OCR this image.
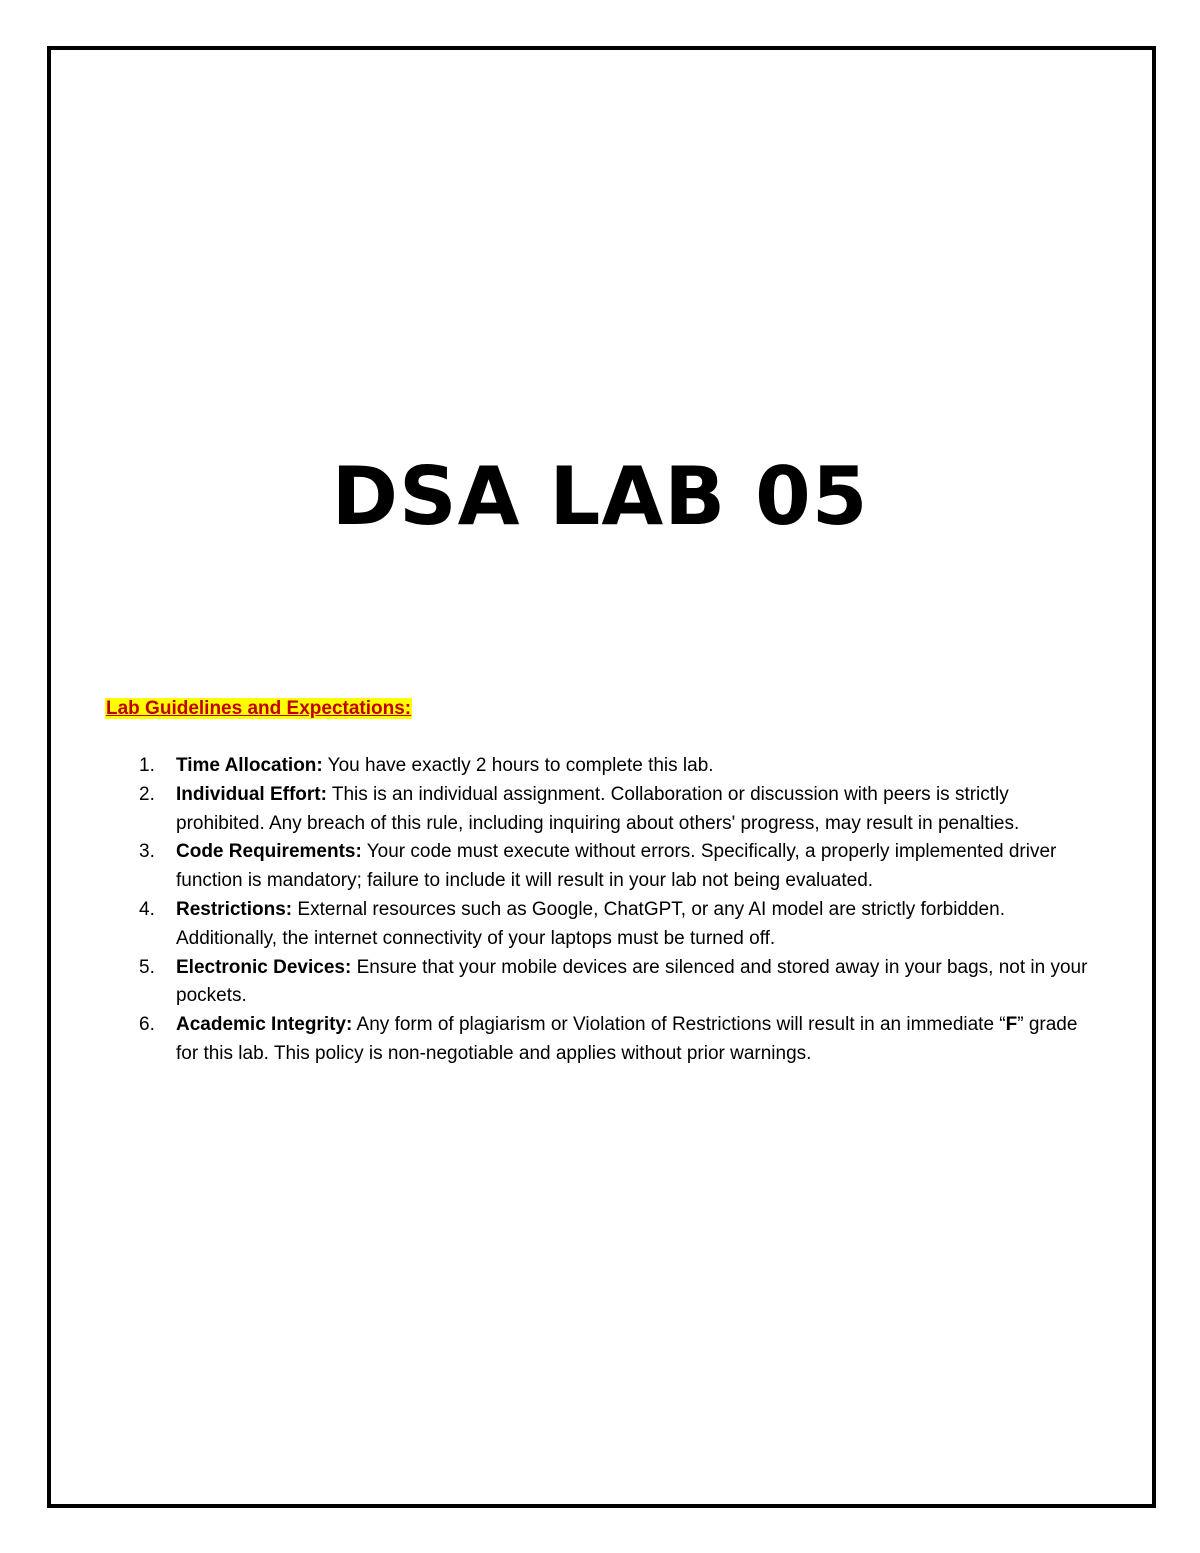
DSA LAB 05

Lab Guidelines and Expectations:

1. Time Allocation: You have exactly 2 hours to complete this lab.
2. Individual Effort: This is an individual assignment. Collaboration or discussion with peers is strictly prohibited. Any breach of this rule, including inquiring about others' progress, may result in penalties.
3. Code Requirements: Your code must execute without errors. Specifically, a properly implemented driver function is mandatory; failure to include it will result in your lab not being evaluated.
4. Restrictions: External resources such as Google, ChatGPT, or any AI model are strictly forbidden. Additionally, the internet connectivity of your laptops must be turned off.
5. Electronic Devices: Ensure that your mobile devices are silenced and stored away in your bags, not in your pockets.
6. Academic Integrity: Any form of plagiarism or Violation of Restrictions will result in an immediate “F” grade for this lab. This policy is non-negotiable and applies without prior warnings.
